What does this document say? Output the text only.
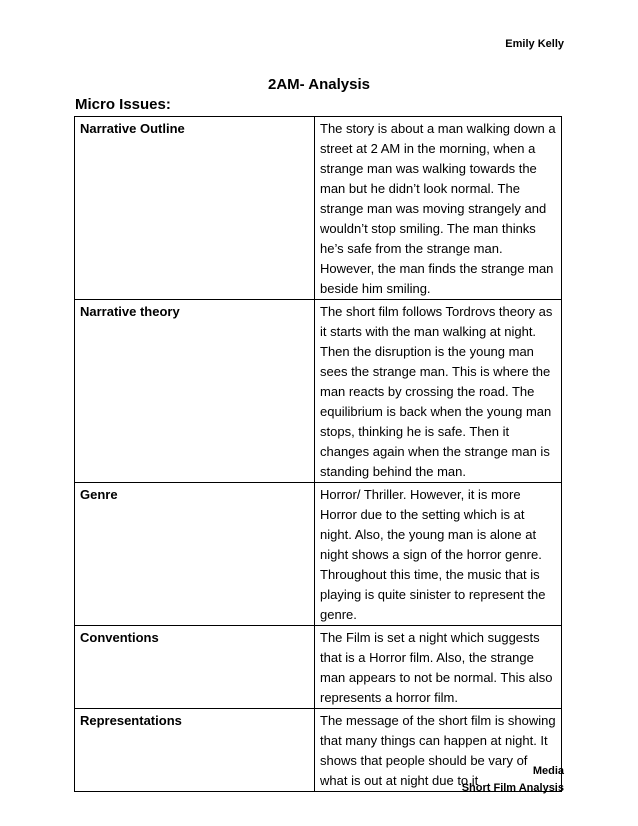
Emily Kelly
2AM- Analysis
Micro Issues:
Narrative Outline	The story is about a man walking down a street at 2 AM in the morning, when a strange man was walking towards the man but he didn’t look normal. The strange man was moving strangely and wouldn’t stop smiling. The man thinks he’s safe from the strange man. However, the man finds the strange man beside him smiling.
Narrative theory	The short film follows Tordrovs theory as it starts with the man walking at night. Then the disruption is the young man sees the strange man. This is where the man reacts by crossing the road. The equilibrium is back when the young man stops, thinking he is safe. Then it changes again when the strange man is standing behind the man.
Genre	Horror/ Thriller. However, it is more Horror due to the setting which is at night. Also, the young man is alone at night shows a sign of the horror genre. Throughout this time, the music that is playing is quite sinister to represent the genre.
Conventions	The Film is set a night which suggests that is a Horror film. Also, the strange man appears to not be normal. This also represents a horror film.
Representations	The message of the short film is showing that many things can happen at night. It shows that people should be vary of what is out at night due to it
Media
Short Film Analysis
